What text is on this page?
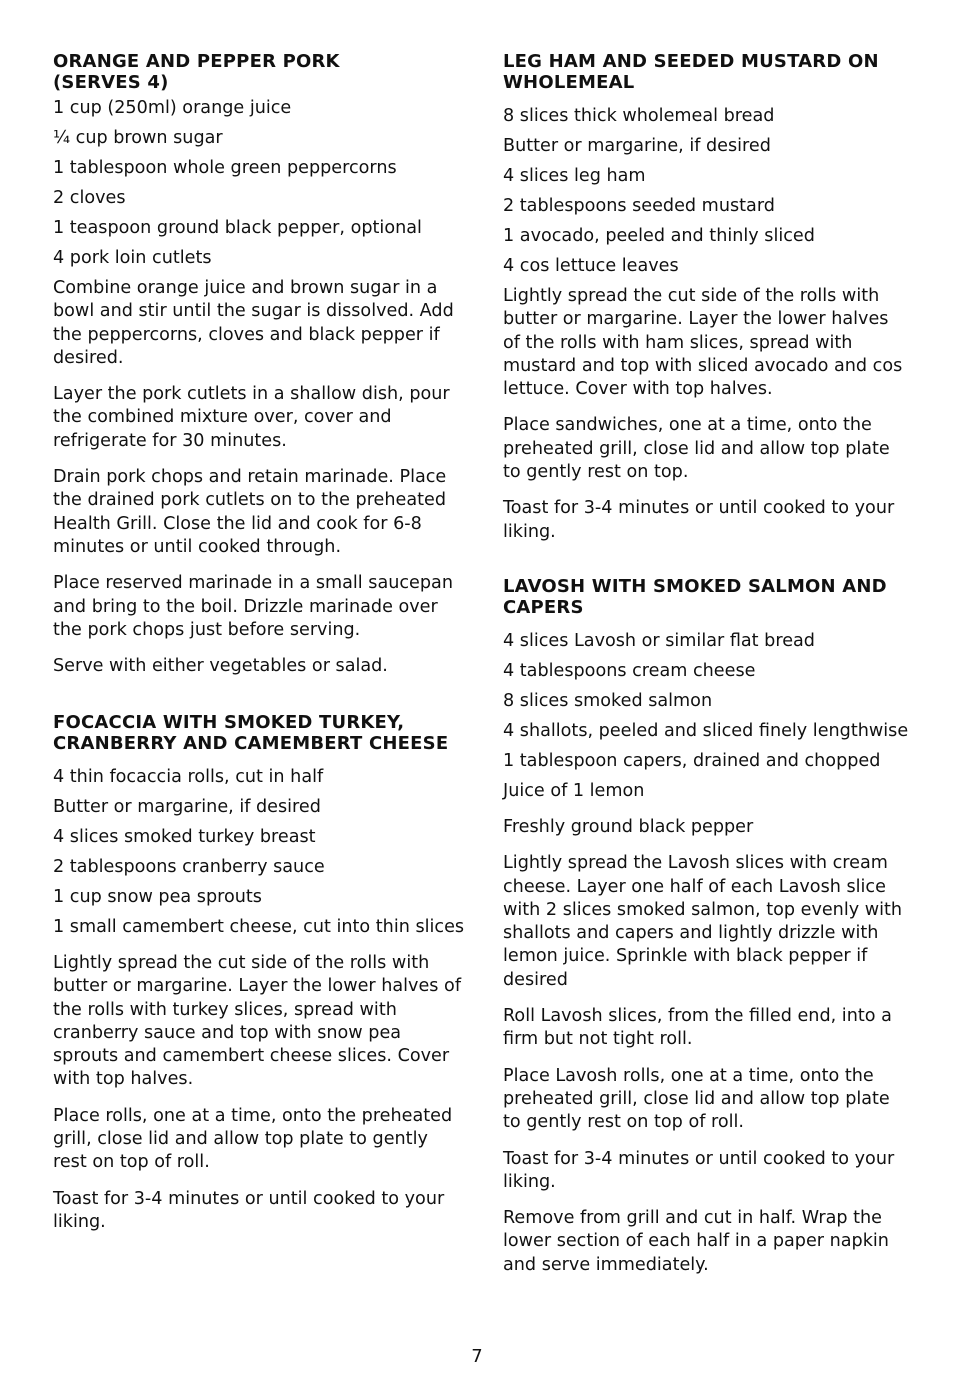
ORANGE AND PEPPER PORK
(SERVES 4)
1 cup (250ml) orange juice
¼ cup brown sugar
1 tablespoon whole green peppercorns
2 cloves
1 teaspoon ground black pepper, optional
4 pork loin cutlets

Combine orange juice and brown sugar in a bowl and stir until the sugar is dissolved. Add the peppercorns, cloves and black pepper if desired.

Layer the pork cutlets in a shallow dish, pour the combined mixture over, cover and refrigerate for 30 minutes.

Drain pork chops and retain marinade. Place the drained pork cutlets on to the preheated Health Grill. Close the lid and cook for 6-8 minutes or until cooked through.

Place reserved marinade in a small saucepan and bring to the boil. Drizzle marinade over the pork chops just before serving.

Serve with either vegetables or salad.

FOCACCIA WITH SMOKED TURKEY, CRANBERRY AND CAMEMBERT CHEESE
4 thin focaccia rolls, cut in half
Butter or margarine, if desired
4 slices smoked turkey breast
2 tablespoons cranberry sauce
1 cup snow pea sprouts
1 small camembert cheese, cut into thin slices

Lightly spread the cut side of the rolls with butter or margarine. Layer the lower halves of the rolls with turkey slices, spread with cranberry sauce and top with snow pea sprouts and camembert cheese slices. Cover with top halves.

Place rolls, one at a time, onto the preheated grill, close lid and allow top plate to gently rest on top of roll.

Toast for 3-4 minutes or until cooked to your liking.

LEG HAM AND SEEDED MUSTARD ON WHOLEMEAL
8 slices thick wholemeal bread
Butter or margarine, if desired
4 slices leg ham
2 tablespoons seeded mustard
1 avocado, peeled and thinly sliced
4 cos lettuce leaves

Lightly spread the cut side of the rolls with butter or margarine. Layer the lower halves of the rolls with ham slices, spread with mustard and top with sliced avocado and cos lettuce. Cover with top halves.

Place sandwiches, one at a time, onto the preheated grill, close lid and allow top plate to gently rest on top.

Toast for 3-4 minutes or until cooked to your liking.

LAVOSH WITH SMOKED SALMON AND CAPERS
4 slices Lavosh or similar flat bread
4 tablespoons cream cheese
8 slices smoked salmon
4 shallots, peeled and sliced finely lengthwise
1 tablespoon capers, drained and chopped
Juice of 1 lemon

Freshly ground black pepper

Lightly spread the Lavosh slices with cream cheese. Layer one half of each Lavosh slice with 2 slices smoked salmon, top evenly with shallots and capers and lightly drizzle with lemon juice. Sprinkle with black pepper if desired

Roll Lavosh slices, from the filled end, into a firm but not tight roll.

Place Lavosh rolls, one at a time, onto the preheated grill, close lid and allow top plate to gently rest on top of roll.

Toast for 3-4 minutes or until cooked to your liking.

Remove from grill and cut in half. Wrap the lower section of each half in a paper napkin and serve immediately.

7
